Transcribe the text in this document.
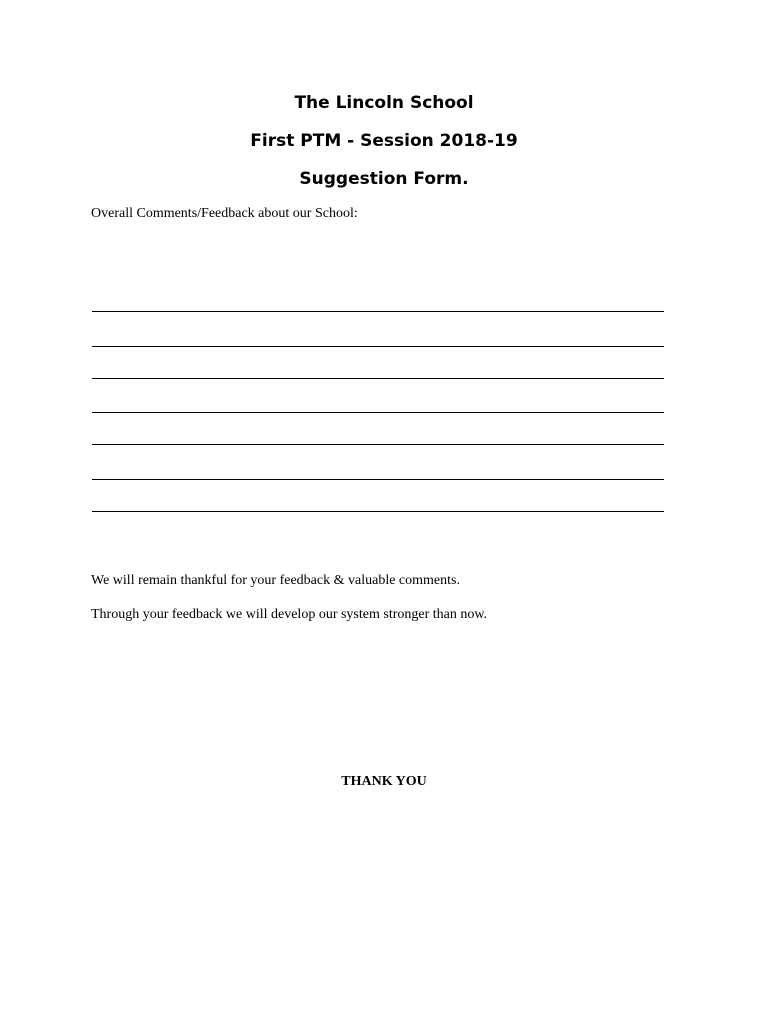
The Lincoln School
First PTM - Session 2018-19
Suggestion Form.

Overall Comments/Feedback about our School:

We will remain thankful for your feedback & valuable comments.

Through your feedback we will develop our system stronger than now.

THANK YOU
